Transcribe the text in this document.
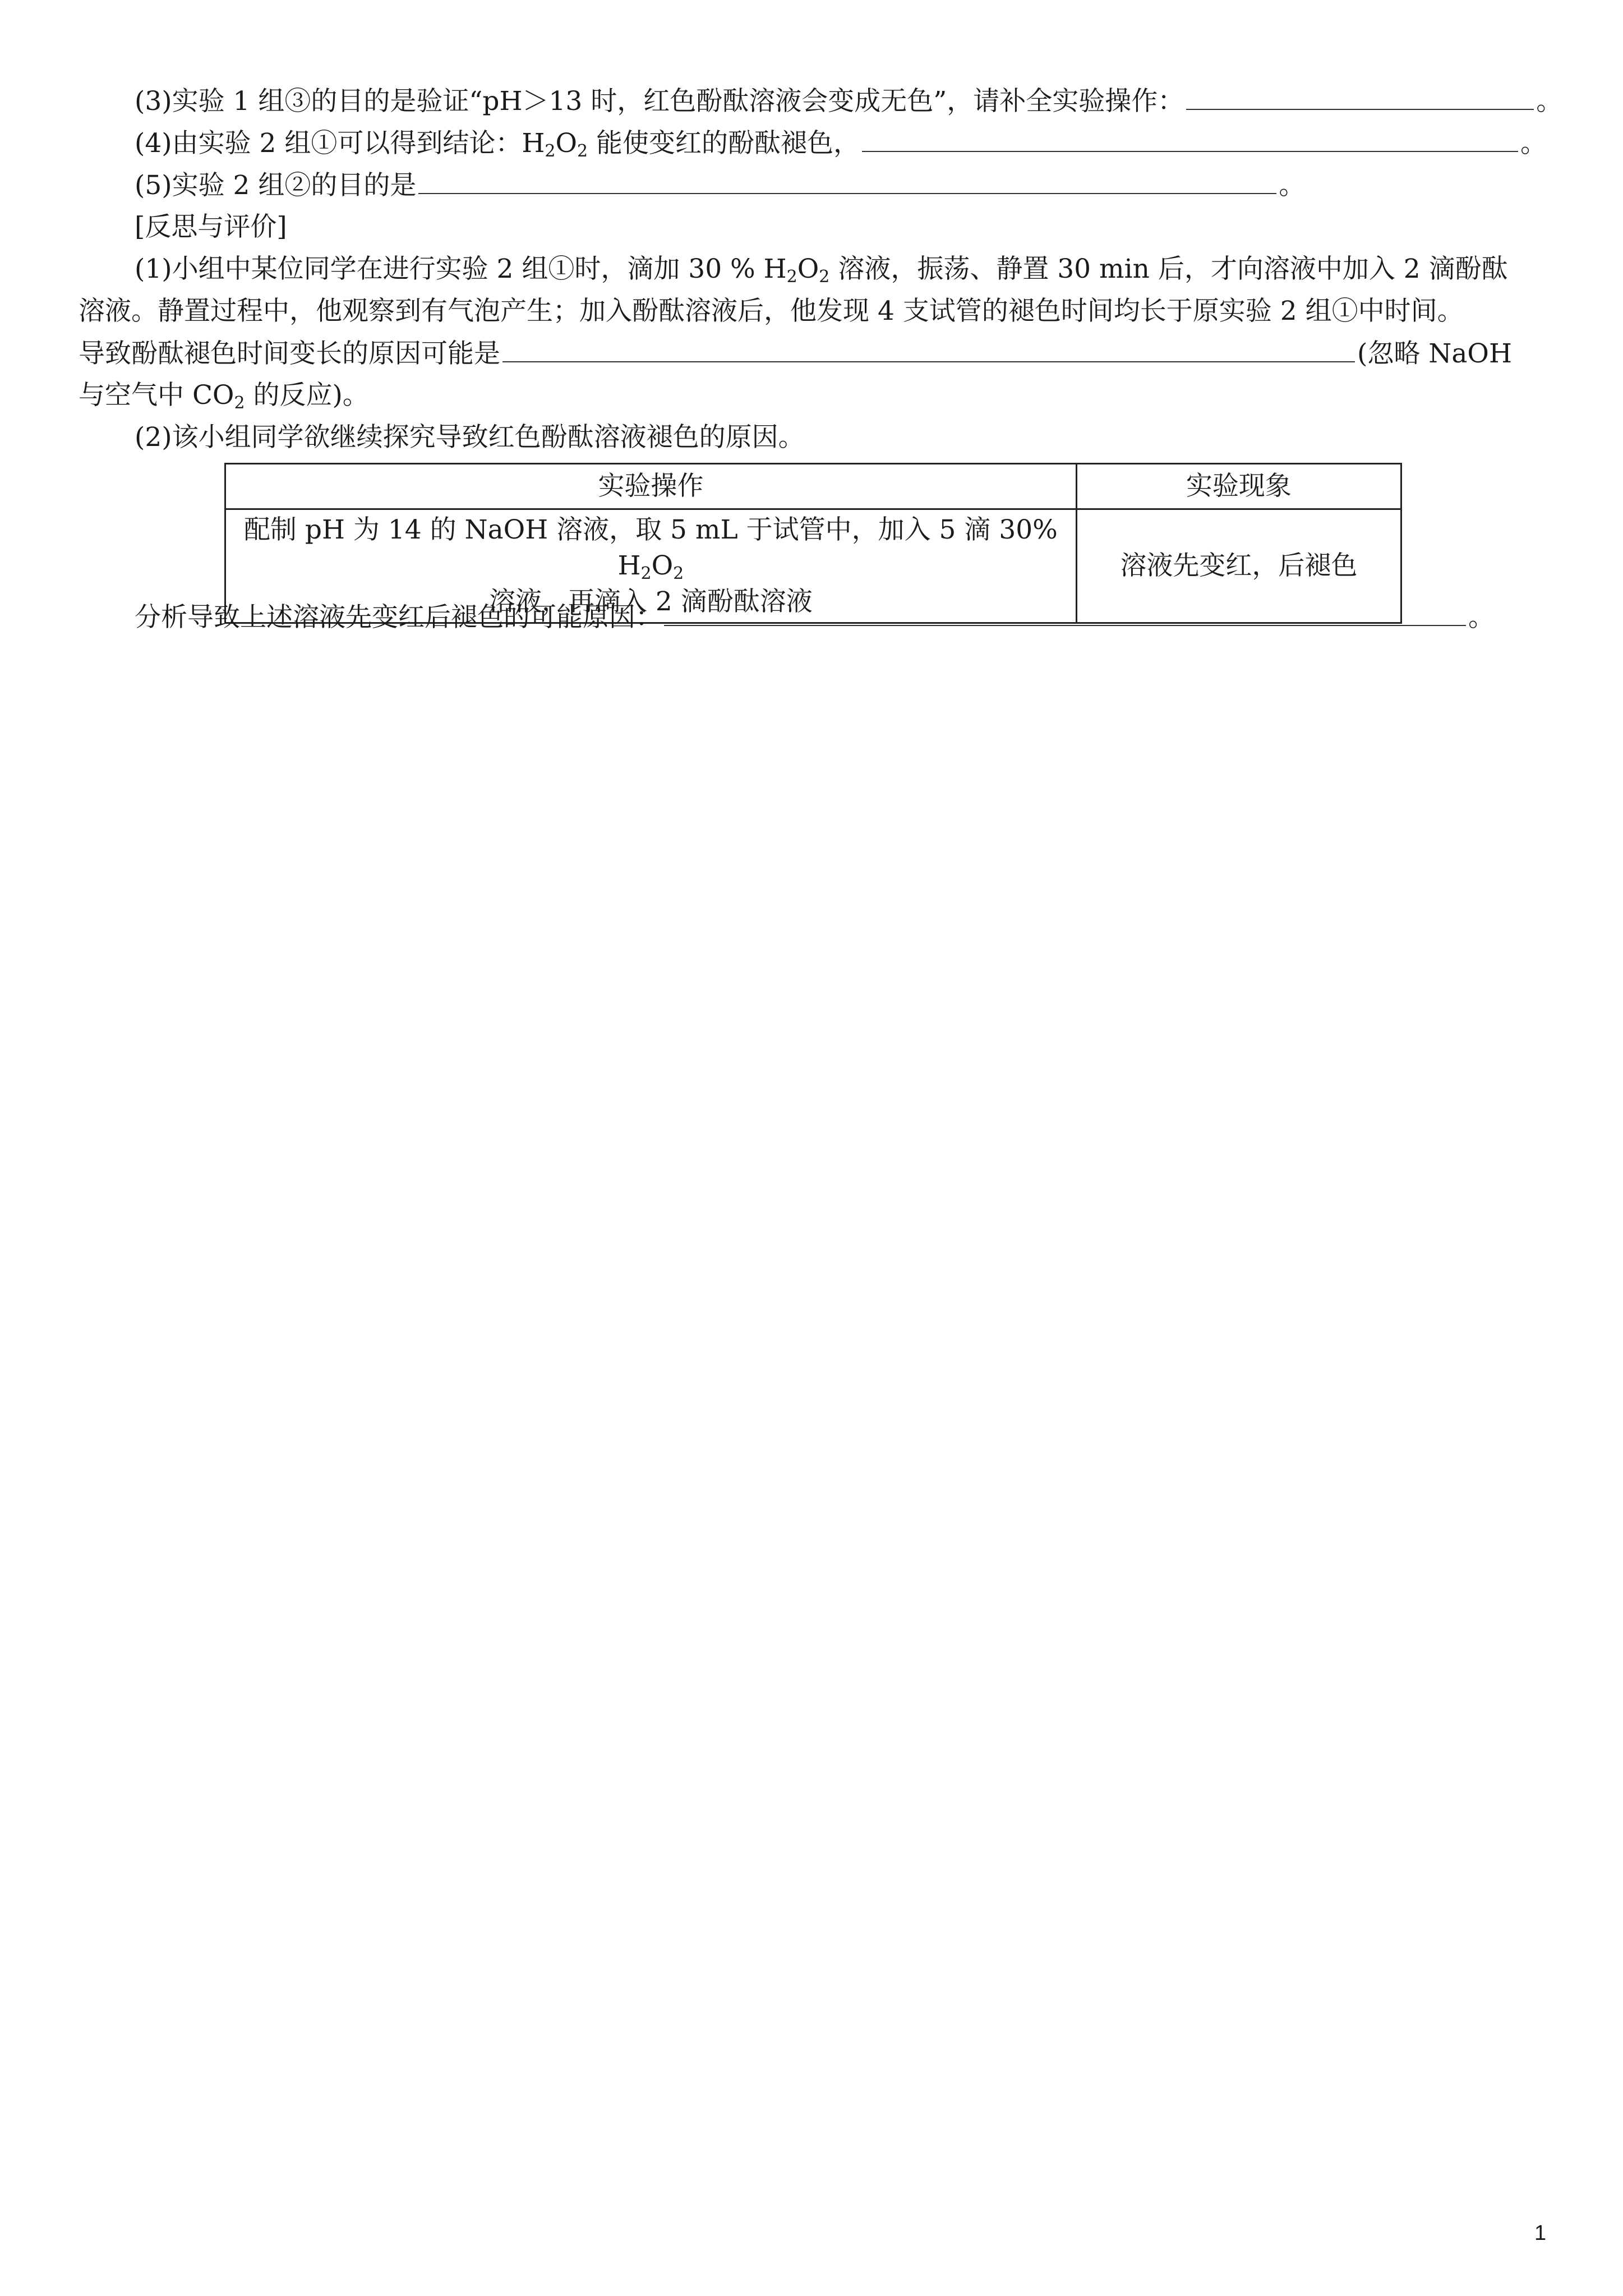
(3)实验 1 组③的目的是验证“pH＞13 时，红色酚酞溶液会变成无色”，请补全实验操作：	。
(4)由实验 2 组①可以得到结论：$H_2O_2$ 能使变红的酚酞褪色，	。
(5)实验 2 组②的目的是	。
[反思与评价]
(1)小组中某位同学在进行实验 2 组①时，滴加 30 % $H_2O_2$ 溶液，振荡、静置 30 min 后，才向溶液中加入 2 滴酚酞
溶液。静置过程中，他观察到有气泡产生；加入酚酞溶液后，他发现 4 支试管的褪色时间均长于原实验 2 组①中时间。
导致酚酞褪色时间变长的原因可能是	(忽略 NaOH
与空气中 $CO_2$ 的反应)。
(2)该小组同学欲继续探究导致红色酚酞溶液褪色的原因。
实验操作	实验现象

配制 pH 为 14 的 NaOH 溶液，取 5 mL 于试管中，加入 5 滴 30% $H_2O_2$
溶液，再滴入 2 滴酚酞溶液	溶液先变红，后褪色
分析导致上述溶液先变红后褪色的可能原因：	。
1
